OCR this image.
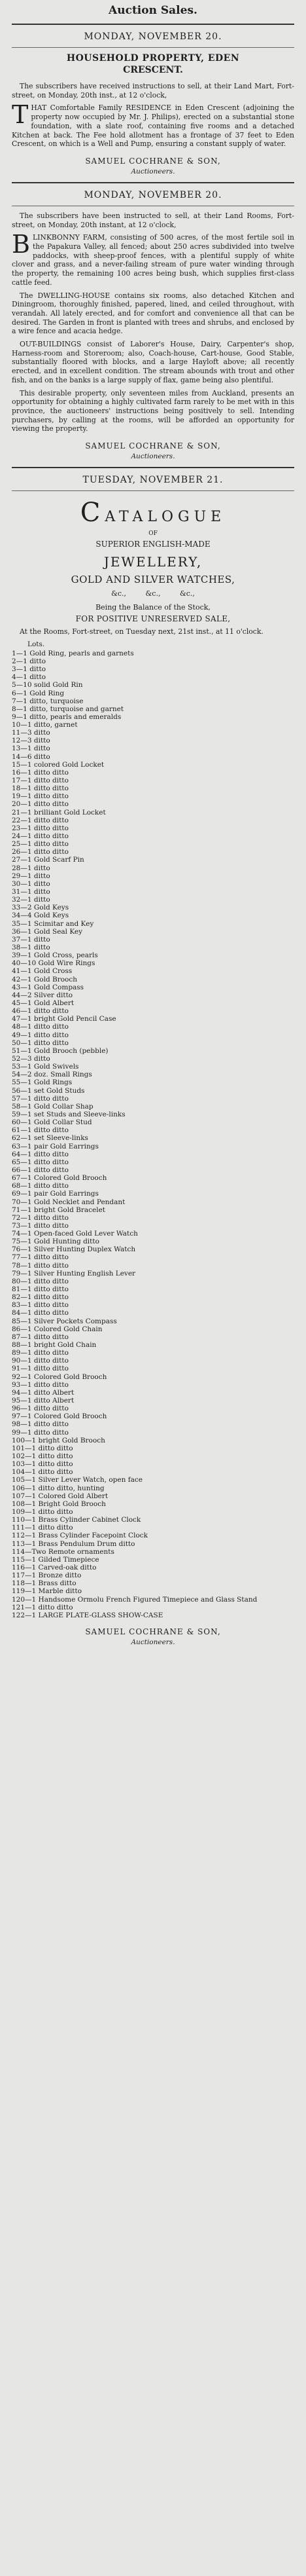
Auction Sales.
MONDAY, NOVEMBER 20.
HOUSEHOLD PROPERTY, EDEN
CRESCENT.

The subscribers have received instructions to sell, at their Land Mart, Fort-street, on Monday, 20th inst., at 12 o'clock,

THAT Comfortable Family RESIDENCE in Eden Crescent (adjoining the property now occupied by Mr. J. Philips), erected on a substantial stone foundation, with a slate roof, containing five rooms and a detached Kitchen at back. The Fee hold allotment has a frontage of 37 feet to Eden Crescent, on which is a Well and Pump, ensuring a constant supply of water.

SAMUEL COCHRANE & SON,
Auctioneers.
MONDAY, NOVEMBER 20.

The subscribers have been instructed to sell, at their Land Rooms, Fort-street, on Monday, 20th instant, at 12 o'clock,

BLINKBONNY FARM, consisting of 500 acres, of the most fertile soil in the Papakura Valley, all fenced; about 250 acres subdivided into twelve paddocks, with sheep-proof fences, with a plentiful supply of white clover and grass, and a never-failing stream of pure water winding through the property, the remaining 100 acres being bush, which supplies first-class cattle feed.

The DWELLING-HOUSE contains six rooms, also detached Kitchen and Diningroom, thoroughly finished, papered, lined, and ceiled throughout, with verandah. All lately erected, and for comfort and convenience all that can be desired. The Garden in front is planted with trees and shrubs, and enclosed by a wire fence and acacia hedge.

OUT-BUILDINGS consist of Laborer's House, Dairy, Carpenter's shop, Harness-room and Storeroom; also, Coach-house, Cart-house, Good Stable, substantially floored with blocks, and a large Hayloft above; all recently erected, and in excellent condition. The stream abounds with trout and other fish, and on the banks is a large supply of flax, game being also plentiful.

This desirable property, only seventeen miles from Auckland, presents an opportunity for obtaining a highly cultivated farm rarely to be met with in this province, the auctioneers' instructions being positively to sell. Intending purchasers, by calling at the rooms, will be afforded an opportunity for viewing the property.

SAMUEL COCHRANE & SON,
Auctioneers.
TUESDAY, NOVEMBER 21.
CATALOGUE
OF
SUPERIOR ENGLISH-MADE
JEWELLERY,
GOLD AND SILVER WATCHES,
&c., &c., &c.,
Being the Balance of the Stock,
FOR POSITIVE UNRESERVED SALE,

At the Rooms, Fort-street, on Tuesday next, 21st inst., at 11 o'clock.

Lots.
1—1 Gold Ring, pearls and garnets
2—1 ditto
3—1 ditto
4—1 ditto
5—10 solid Gold Rin
6—1 Gold Ring
7—1 ditto, turquoise
8—1 ditto, turquoise and garnet
9—1 ditto, pearls and emeralds
10—1 ditto, garnet
11—3 ditto
12—3 ditto
13—1 ditto
14—6 ditto
15—1 colored Gold Locket
16—1 ditto ditto
17—1 ditto ditto
18—1 ditto ditto
19—1 ditto ditto
20—1 ditto ditto
21—1 brilliant Gold Locket
22—1 ditto ditto
23—1 ditto ditto
24—1 ditto ditto
25—1 ditto ditto
26—1 ditto ditto
27—1 Gold Scarf Pin
28—1 ditto
29—1 ditto
30—1 ditto
31—1 ditto
32—1 ditto
33—2 Gold Keys
34—4 Gold Keys
35—1 Scimitar and Key
36—1 Gold Seal Key
37—1 ditto
38—1 ditto
39—1 Gold Cross, pearls
40—10 Gold Wire Rings
41—1 Gold Cross
42—1 Gold Brooch
43—1 Gold Compass
44—2 Silver ditto
45—1 Gold Albert
46—1 ditto ditto
47—1 bright Gold Pencil Case
48—1 ditto ditto
49—1 ditto ditto
50—1 ditto ditto
51—1 Gold Brooch (pebble)
52—3 ditto
53—1 Gold Swivels
54—2 doz. Small Rings
55—1 Gold Rings
56—1 set Gold Studs
57—1 ditto ditto
58—1 Gold Collar Shap
59—1 set Studs and Sleeve-links
60—1 Gold Collar Stud
61—1 ditto ditto
62—1 set Sleeve-links
63—1 pair Gold Earrings
64—1 ditto ditto
65—1 ditto ditto
66—1 ditto ditto
67—1 Colored Gold Brooch
68—1 ditto ditto
69—1 pair Gold Earrings
70—1 Gold Necklet and Pendant
71—1 bright Gold Bracelet
72—1 ditto ditto
73—1 ditto ditto
74—1 Open-faced Gold Lever Watch
75—1 Gold Hunting ditto
76—1 Silver Hunting Duplex Watch
77—1 ditto ditto
78—1 ditto ditto
79—1 Silver Hunting English Lever
80—1 ditto ditto
81—1 ditto ditto
82—1 ditto ditto
83—1 ditto ditto
84—1 ditto ditto
85—1 Silver Pockets Compass
86—1 Colored Gold Chain
87—1 ditto ditto
88—1 bright Gold Chain
89—1 ditto ditto
90—1 ditto ditto
91—1 ditto ditto
92—1 Colored Gold Brooch
93—1 ditto ditto
94—1 ditto Albert
95—1 ditto Albert
96—1 ditto ditto
97—1 Colored Gold Brooch
98—1 ditto ditto
99—1 ditto ditto
100—1 bright Gold Brooch
101—1 ditto ditto
102—1 ditto ditto
103—1 ditto ditto
104—1 ditto ditto
105—1 Silver Lever Watch, open face
106—1 ditto ditto, hunting
107—1 Colored Gold Albert
108—1 Bright Gold Brooch
109—1 ditto ditto
110—1 Brass Cylinder Cabinet Clock
111—1 ditto ditto
112—1 Brass Cylinder Facepoint Clock
113—1 Brass Pendulum Drum ditto
114—Two Remote ornaments
115—1 Gilded Timepiece
116—1 Carved-oak ditto
117—1 Bronze ditto
118—1 Brass ditto
119—1 Marble ditto
120—1 Handsome Ormolu French Figured Timepiece and Glass Stand
121—1 ditto ditto
122—1 LARGE PLATE-GLASS SHOW-CASE
SAMUEL COCHRANE & SON,
Auctioneers.
